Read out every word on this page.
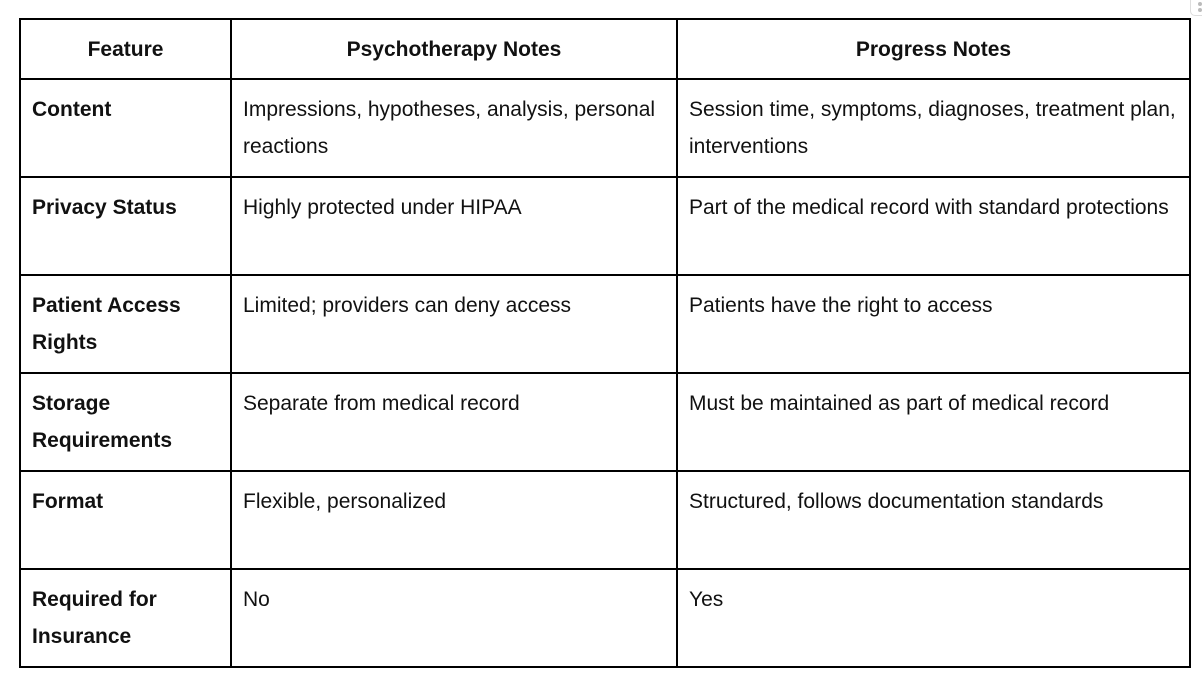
Feature	Psychotherapy Notes	Progress Notes
Content	Impressions, hypotheses, analysis, personal reactions	Session time, symptoms, diagnoses, treatment plan, interventions
Privacy Status	Highly protected under HIPAA	Part of the medical record with standard protections
Patient Access Rights	Limited; providers can deny access	Patients have the right to access
Storage Requirements	Separate from medical record	Must be maintained as part of medical record
Format	Flexible, personalized	Structured, follows documentation standards
Required for Insurance	No	Yes
